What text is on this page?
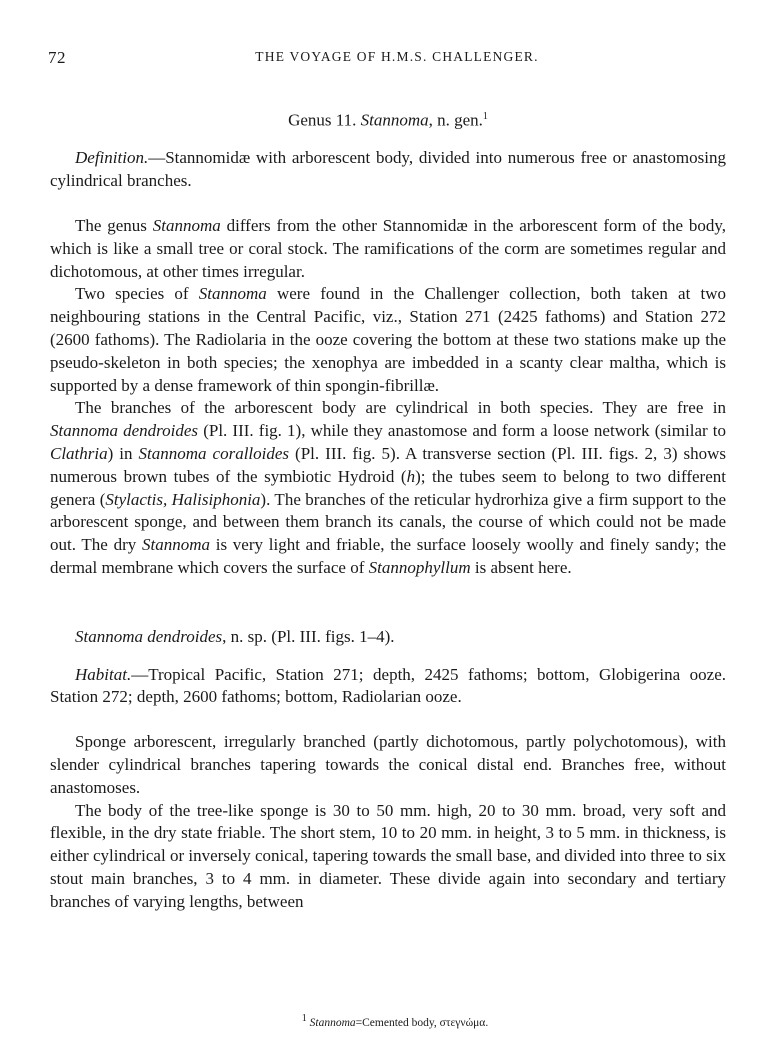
72	THE VOYAGE OF H.M.S. CHALLENGER.

Genus 11. Stannoma, n. gen.$^1$

Definition.—Stannomidæ with arborescent body, divided into numerous free or anastomosing cylindrical branches.

The genus Stannoma differs from the other Stannomidæ in the arborescent form of the body, which is like a small tree or coral stock. The ramifications of the corm are sometimes regular and dichotomous, at other times irregular.

Two species of Stannoma were found in the Challenger collection, both taken at two neighbouring stations in the Central Pacific, viz., Station 271 (2425 fathoms) and Station 272 (2600 fathoms). The Radiolaria in the ooze covering the bottom at these two stations make up the pseudo-skeleton in both species; the xenophya are imbedded in a scanty clear maltha, which is supported by a dense framework of thin spongin-fibrillæ.

The branches of the arborescent body are cylindrical in both species. They are free in Stannoma dendroides (Pl. III. fig. 1), while they anastomose and form a loose network (similar to Clathria) in Stannoma coralloides (Pl. III. fig. 5). A transverse section (Pl. III. figs. 2, 3) shows numerous brown tubes of the symbiotic Hydroid (h); the tubes seem to belong to two different genera (Stylactis, Halisiphonia). The branches of the reticular hydrorhiza give a firm support to the arborescent sponge, and between them branch its canals, the course of which could not be made out. The dry Stannoma is very light and friable, the surface loosely woolly and finely sandy; the dermal membrane which covers the surface of Stannophyllum is absent here.

Stannoma dendroides, n. sp. (Pl. III. figs. 1–4).

Habitat.—Tropical Pacific, Station 271; depth, 2425 fathoms; bottom, Globigerina ooze. Station 272; depth, 2600 fathoms; bottom, Radiolarian ooze.

Sponge arborescent, irregularly branched (partly dichotomous, partly polychotomous), with slender cylindrical branches tapering towards the conical distal end. Branches free, without anastomoses.

The body of the tree-like sponge is 30 to 50 mm. high, 20 to 30 mm. broad, very soft and flexible, in the dry state friable. The short stem, 10 to 20 mm. in height, 3 to 5 mm. in thickness, is either cylindrical or inversely conical, tapering towards the small base, and divided into three to six stout main branches, 3 to 4 mm. in diameter. These divide again into secondary and tertiary branches of varying lengths, between

$^1$ Stannoma=Cemented body, στεγνώμα.
